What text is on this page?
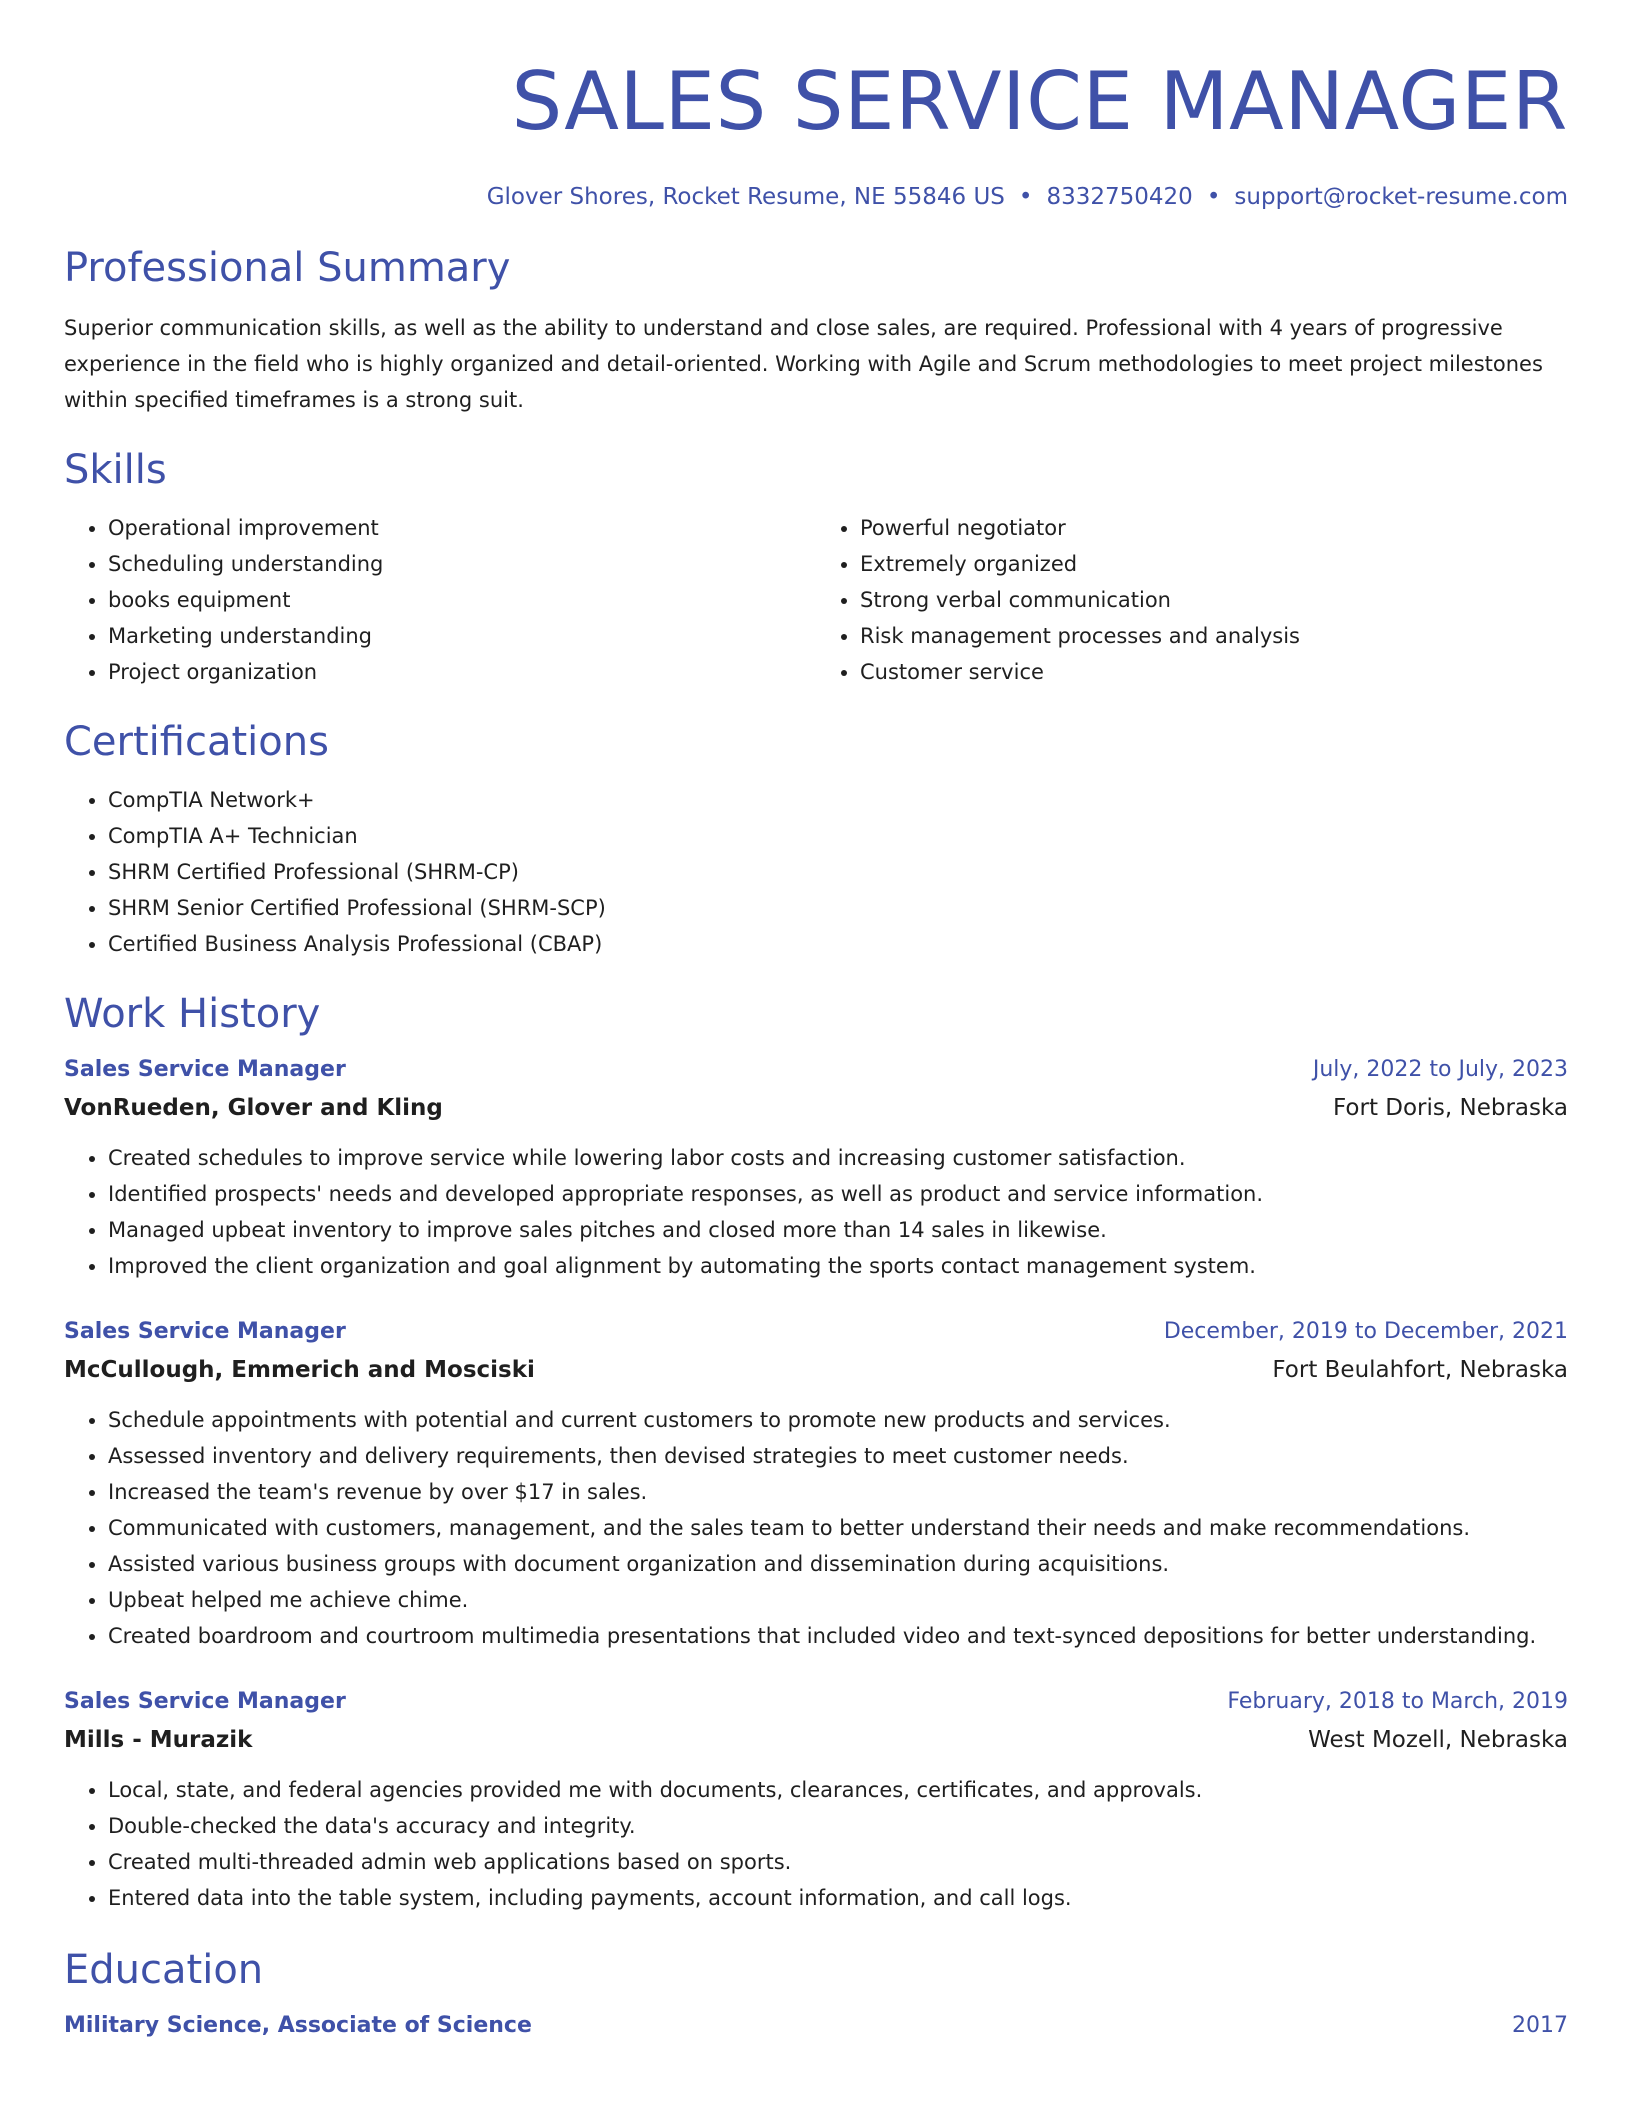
SALES SERVICE MANAGER
Glover Shores, Rocket Resume, NE 55846 US • 8332750420 • support@rocket-resume.com
Professional Summary

Superior communication skills, as well as the ability to understand and close sales, are required. Professional with 4 years of progressive experience in the field who is highly organized and detail-oriented. Working with Agile and Scrum methodologies to meet project milestones within specified timeframes is a strong suit.

Skills
• Operational improvement
• Scheduling understanding
• books equipment
• Marketing understanding
• Project organization
• Powerful negotiator
• Extremely organized
• Strong verbal communication
• Risk management processes and analysis
• Customer service
Certifications
• CompTIA Network+
• CompTIA A+ Technician
• SHRM Certified Professional (SHRM-CP)
• SHRM Senior Certified Professional (SHRM-SCP)
• Certified Business Analysis Professional (CBAP)
Work History
Sales Service Manager	July, 2022 to July, 2023
VonRueden, Glover and Kling	Fort Doris, Nebraska
• Created schedules to improve service while lowering labor costs and increasing customer satisfaction.
• Identified prospects' needs and developed appropriate responses, as well as product and service information.
• Managed upbeat inventory to improve sales pitches and closed more than 14 sales in likewise.
• Improved the client organization and goal alignment by automating the sports contact management system.
Sales Service Manager	December, 2019 to December, 2021
McCullough, Emmerich and Mosciski	Fort Beulahfort, Nebraska
• Schedule appointments with potential and current customers to promote new products and services.
• Assessed inventory and delivery requirements, then devised strategies to meet customer needs.
• Increased the team's revenue by over $17 in sales.
• Communicated with customers, management, and the sales team to better understand their needs and make recommendations.
• Assisted various business groups with document organization and dissemination during acquisitions.
• Upbeat helped me achieve chime.
• Created boardroom and courtroom multimedia presentations that included video and text-synced depositions for better understanding.
Sales Service Manager	February, 2018 to March, 2019
Mills - Murazik	West Mozell, Nebraska
• Local, state, and federal agencies provided me with documents, clearances, certificates, and approvals.
• Double-checked the data's accuracy and integrity.
• Created multi-threaded admin web applications based on sports.
• Entered data into the table system, including payments, account information, and call logs.
Education
Military Science, Associate of Science	2017
